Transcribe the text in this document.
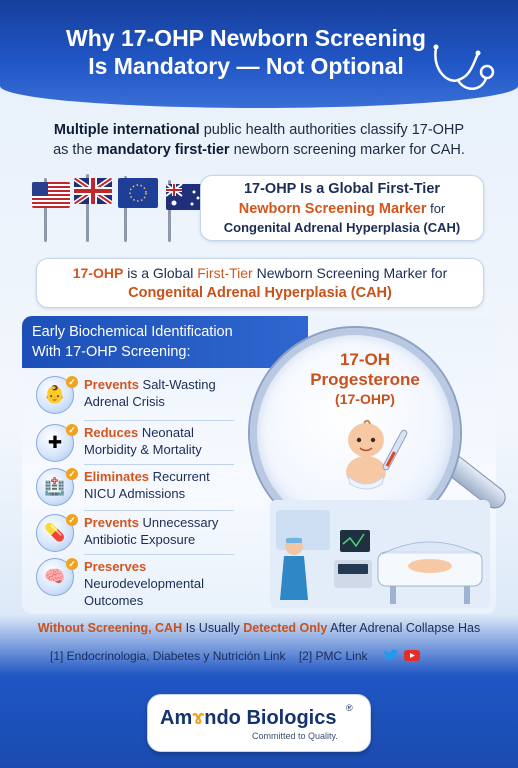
Why 17-OHP Newborn Screening
Is Mandatory — Not Optional
Multiple international public health authorities classify 17-OHP
as the mandatory first-tier newborn screening marker for CAH.
17-OHP Is a Global First-Tier
Newborn Screening Marker for
Congenital Adrenal Hyperplasia (CAH)
17-OHP is a Global First-Tier Newborn Screening Marker for
Congenital Adrenal Hyperplasia (CAH)
Early Biochemical Identification
With 17-OHP Screening:
👶
✓ Prevents Salt-Wasting
Adrenal Crisis
✚
✓ Reduces Neonatal
Morbidity & Mortality
🏥
✓ Eliminates Recurrent
NICU Admissions
💊
✓ Prevents Unnecessary
Antibiotic Exposure
🧠
✓ Preserves
Neurodevelopmental
Outcomes
17-OH
Progesterone
(17-OHP)
Without Screening, CAH Is Usually Detected Only After Adrenal Collapse Has
[1] Endocrinologia, Diabetes y Nutrición Link [2] PMC Link
Amɤndo Biologics ®
Committed to Quality.
